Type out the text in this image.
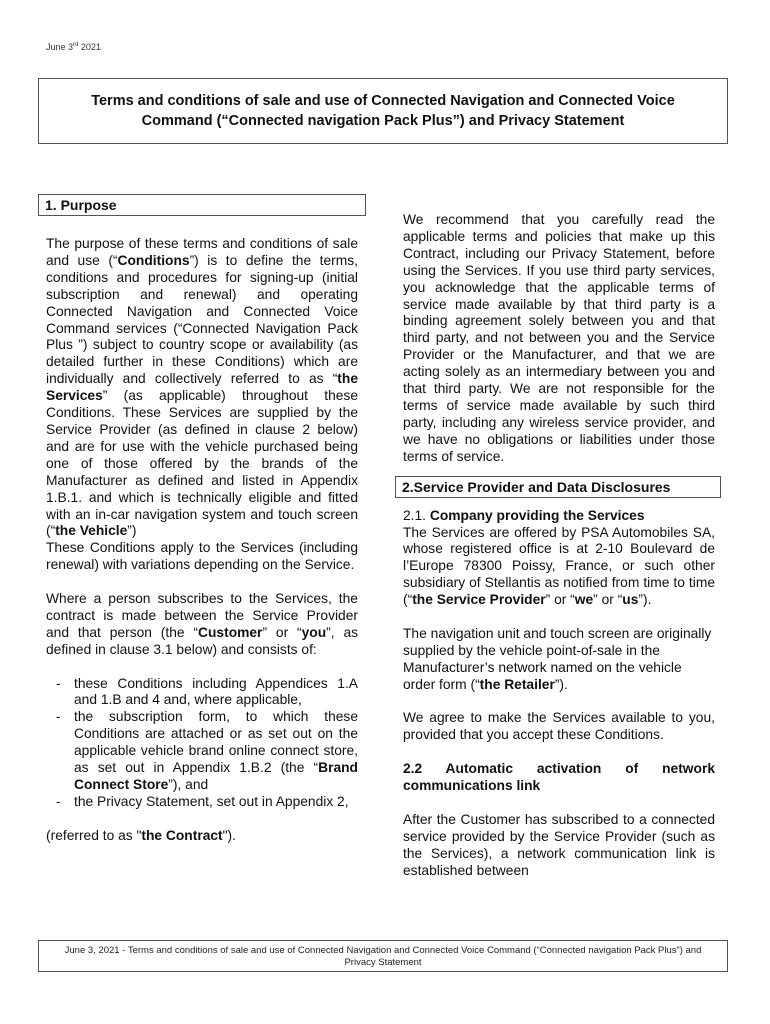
June 3rd 2021

Terms and conditions of sale and use of Connected Navigation and Connected Voice Command (“Connected navigation Pack Plus”) and Privacy Statement

1. Purpose

The purpose of these terms and conditions of sale and use (“Conditions”) is to define the terms, conditions and procedures for signing-up (initial subscription and renewal) and operating Connected Navigation and Connected Voice Command services (“Connected Navigation Pack Plus ”) subject to country scope or availability (as detailed further in these Conditions) which are individually and collectively referred to as “the Services” (as applicable) throughout these Conditions. These Services are supplied by the Service Provider (as defined in clause 2 below) and are for use with the vehicle purchased being one of those offered by the brands of the Manufacturer as defined and listed in Appendix 1.B.1. and which is technically eligible and fitted with an in-car navigation system and touch screen (“the Vehicle”)

These Conditions apply to the Services (including renewal) with variations depending on the Service.

Where a person subscribes to the Services, the contract is made between the Service Provider and that person (the “Customer” or “you”, as defined in clause 3.1 below) and consists of:

- these Conditions including Appendices 1.A and 1.B and 4 and, where applicable,
- the subscription form, to which these Conditions are attached or as set out on the applicable vehicle brand online connect store, as set out in Appendix 1.B.2 (the “Brand Connect Store”), and
- the Privacy Statement, set out in Appendix 2,

(referred to as "the Contract").

We recommend that you carefully read the applicable terms and policies that make up this Contract, including our Privacy Statement, before using the Services. If you use third party services, you acknowledge that the applicable terms of service made available by that third party is a binding agreement solely between you and that third party, and not between you and the Service Provider or the Manufacturer, and that we are acting solely as an intermediary between you and that third party. We are not responsible for the terms of service made available by such third party, including any wireless service provider, and we have no obligations or liabilities under those terms of service.

2.Service Provider and Data Disclosures

2.1. Company providing the Services

The Services are offered by PSA Automobiles SA, whose registered office is at 2-10 Boulevard de l’Europe 78300 Poissy, France, or such other subsidiary of Stellantis as notified from time to time (“the Service Provider” or “we” or “us”).

The navigation unit and touch screen are originally supplied by the vehicle point-of-sale in the Manufacturer’s network named on the vehicle order form (“the Retailer”).

We agree to make the Services available to you, provided that you accept these Conditions.

2.2 Automatic activation of network communications link

After the Customer has subscribed to a connected service provided by the Service Provider (such as the Services), a network communication link is established between

June 3, 2021 - Terms and conditions of sale and use of Connected Navigation and Connected Voice Command (“Connected navigation Pack Plus”) and Privacy Statement
